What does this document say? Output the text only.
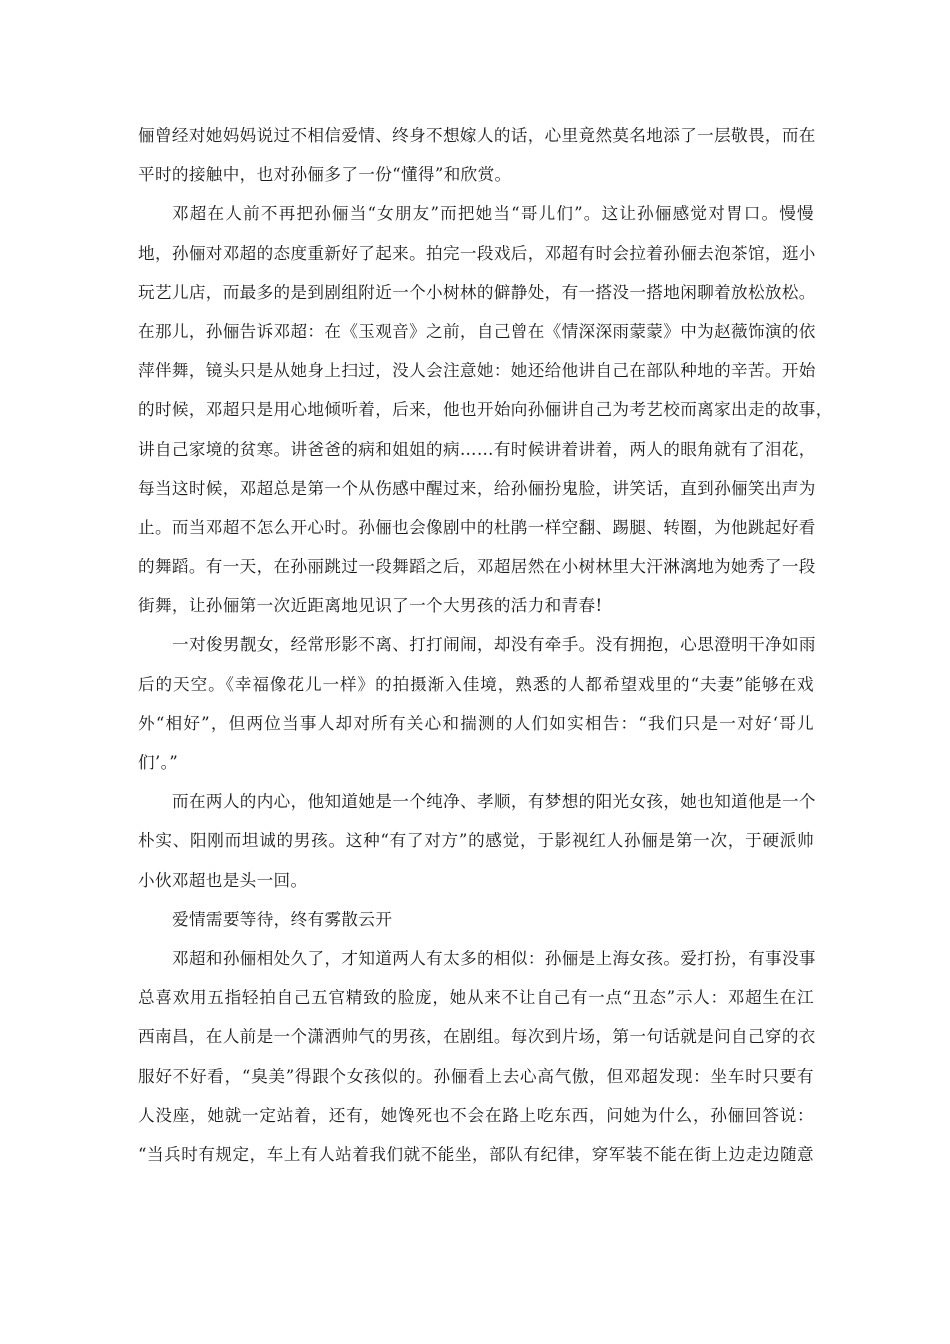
俪曾经对她妈妈说过不相信爱情、终身不想嫁人的话，心里竟然莫名地添了一层敬畏，而在
平时的接触中，也对孙俪多了一份“懂得”和欣赏。
邓超在人前不再把孙俪当“女朋友”而把她当“哥儿们”。这让孙俪感觉对胃口。慢慢
地，孙俪对邓超的态度重新好了起来。拍完一段戏后，邓超有时会拉着孙俪去泡茶馆，逛小
玩艺儿店，而最多的是到剧组附近一个小树林的僻静处，有一搭没一搭地闲聊着放松放松。
在那儿，孙俪告诉邓超：在《玉观音》之前，自己曾在《情深深雨蒙蒙》中为赵薇饰演的依
萍伴舞，镜头只是从她身上扫过，没人会注意她：她还给他讲自己在部队种地的辛苦。开始
的时候，邓超只是用心地倾听着，后来，他也开始向孙俪讲自己为考艺校而离家出走的故事，
讲自己家境的贫寒。讲爸爸的病和姐姐的病……有时候讲着讲着，两人的眼角就有了泪花，
每当这时候，邓超总是第一个从伤感中醒过来，给孙俪扮鬼脸，讲笑话，直到孙俪笑出声为
止。而当邓超不怎么开心时。孙俪也会像剧中的杜鹃一样空翻、踢腿、转圈，为他跳起好看
的舞蹈。有一天，在孙丽跳过一段舞蹈之后，邓超居然在小树林里大汗淋漓地为她秀了一段
街舞，让孙俪第一次近距离地见识了一个大男孩的活力和青春!
一对俊男靓女，经常形影不离、打打闹闹，却没有牵手。没有拥抱，心思澄明干净如雨
后的天空。《幸福像花儿一样》的拍摄渐入佳境，熟悉的人都希望戏里的“夫妻”能够在戏
外“相好”，但两位当事人却对所有关心和揣测的人们如实相告：“我们只是一对好‘哥儿
们’。”
而在两人的内心，他知道她是一个纯净、孝顺，有梦想的阳光女孩，她也知道他是一个
朴实、阳刚而坦诚的男孩。这种“有了对方”的感觉，于影视红人孙俪是第一次，于硬派帅
小伙邓超也是头一回。
爱情需要等待，终有雾散云开
邓超和孙俪相处久了，才知道两人有太多的相似：孙俪是上海女孩。爱打扮，有事没事
总喜欢用五指轻拍自己五官精致的脸庞，她从来不让自己有一点“丑态”示人：邓超生在江
西南昌，在人前是一个潇洒帅气的男孩，在剧组。每次到片场，第一句话就是问自己穿的衣
服好不好看，“臭美”得跟个女孩似的。孙俪看上去心高气傲，但邓超发现：坐车时只要有
人没座，她就一定站着，还有，她馋死也不会在路上吃东西，问她为什么，孙俪回答说：
“当兵时有规定，车上有人站着我们就不能坐，部队有纪律，穿军装不能在街上边走边随意
